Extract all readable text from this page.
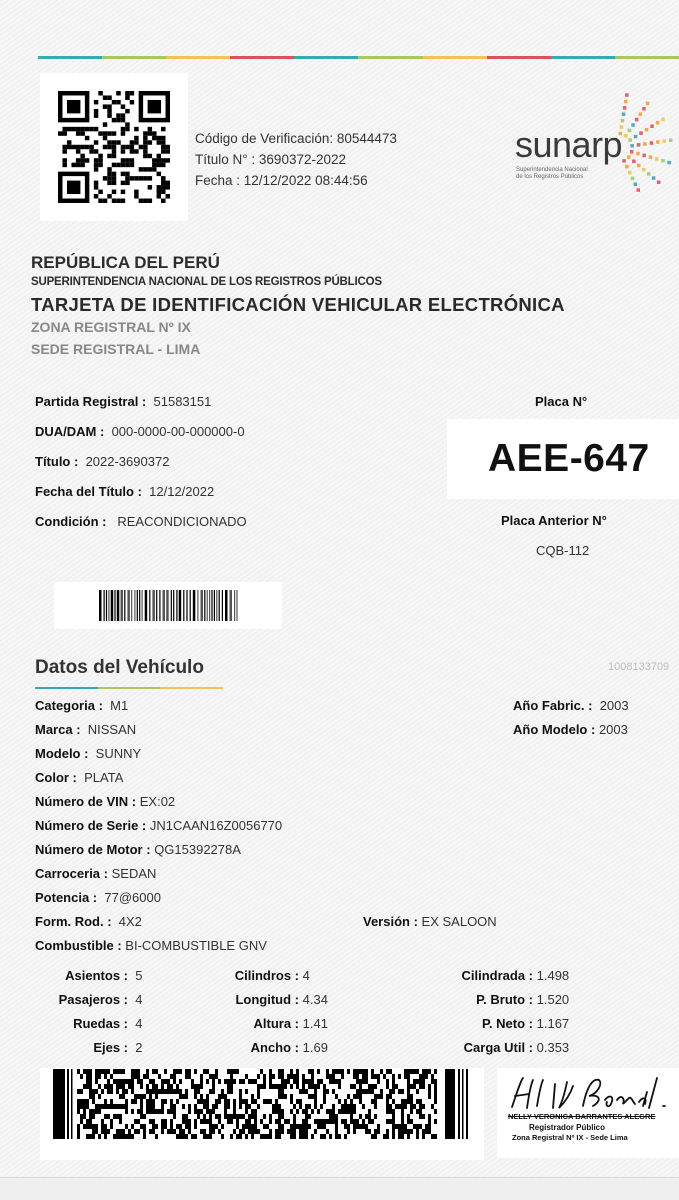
Código de Verificación: 80544473
Título N° : 3690372-2022
Fecha : 12/12/2022 08:44:56
sunarp
Superintendencia Nacional
de los Registros Públicos
REPÚBLICA DEL PERÚ
SUPERINTENDENCIA NACIONAL DE LOS REGISTROS PÚBLICOS
TARJETA DE IDENTIFICACIÓN VEHICULAR ELECTRÓNICA
ZONA REGISTRAL Nº IX
SEDE REGISTRAL - LIMA
Partida Registral : 51583151
DUA/DAM : 000-0000-00-000000-0
Título : 2022-3690372
Fecha del Título : 12/12/2022
Condición : REACONDICIONADO
Placa N°
AEE-647
Placa Anterior N°
CQB-112
Datos del Vehículo	1008133709
Categoria : M1
Marca : NISSAN
Modelo : SUNNY
Color : PLATA
Número de VIN : EX:02
Número de Serie : JN1CAAN16Z0056770
Número de Motor : QG15392278A
Carroceria : SEDAN
Potencia : 77@6000
Form. Rod. : 4X2
Combustible : BI-COMBUSTIBLE GNV
Año Fabric. : 2003
Año Modelo : 2003
Versión : EX SALOON
Asientos : 5
Pasajeros : 4
Ruedas : 4
Ejes : 2
Cilindros : 4
Longitud : 4.34
Altura : 1.41
Ancho : 1.69
Cilindrada : 1.498
P. Bruto : 1.520
P. Neto : 1.167
Carga Util : 0.353
NELLY VERONICA BARRANTES ALEGRE
Registrador Público
Zona Registral Nº IX - Sede Lima
